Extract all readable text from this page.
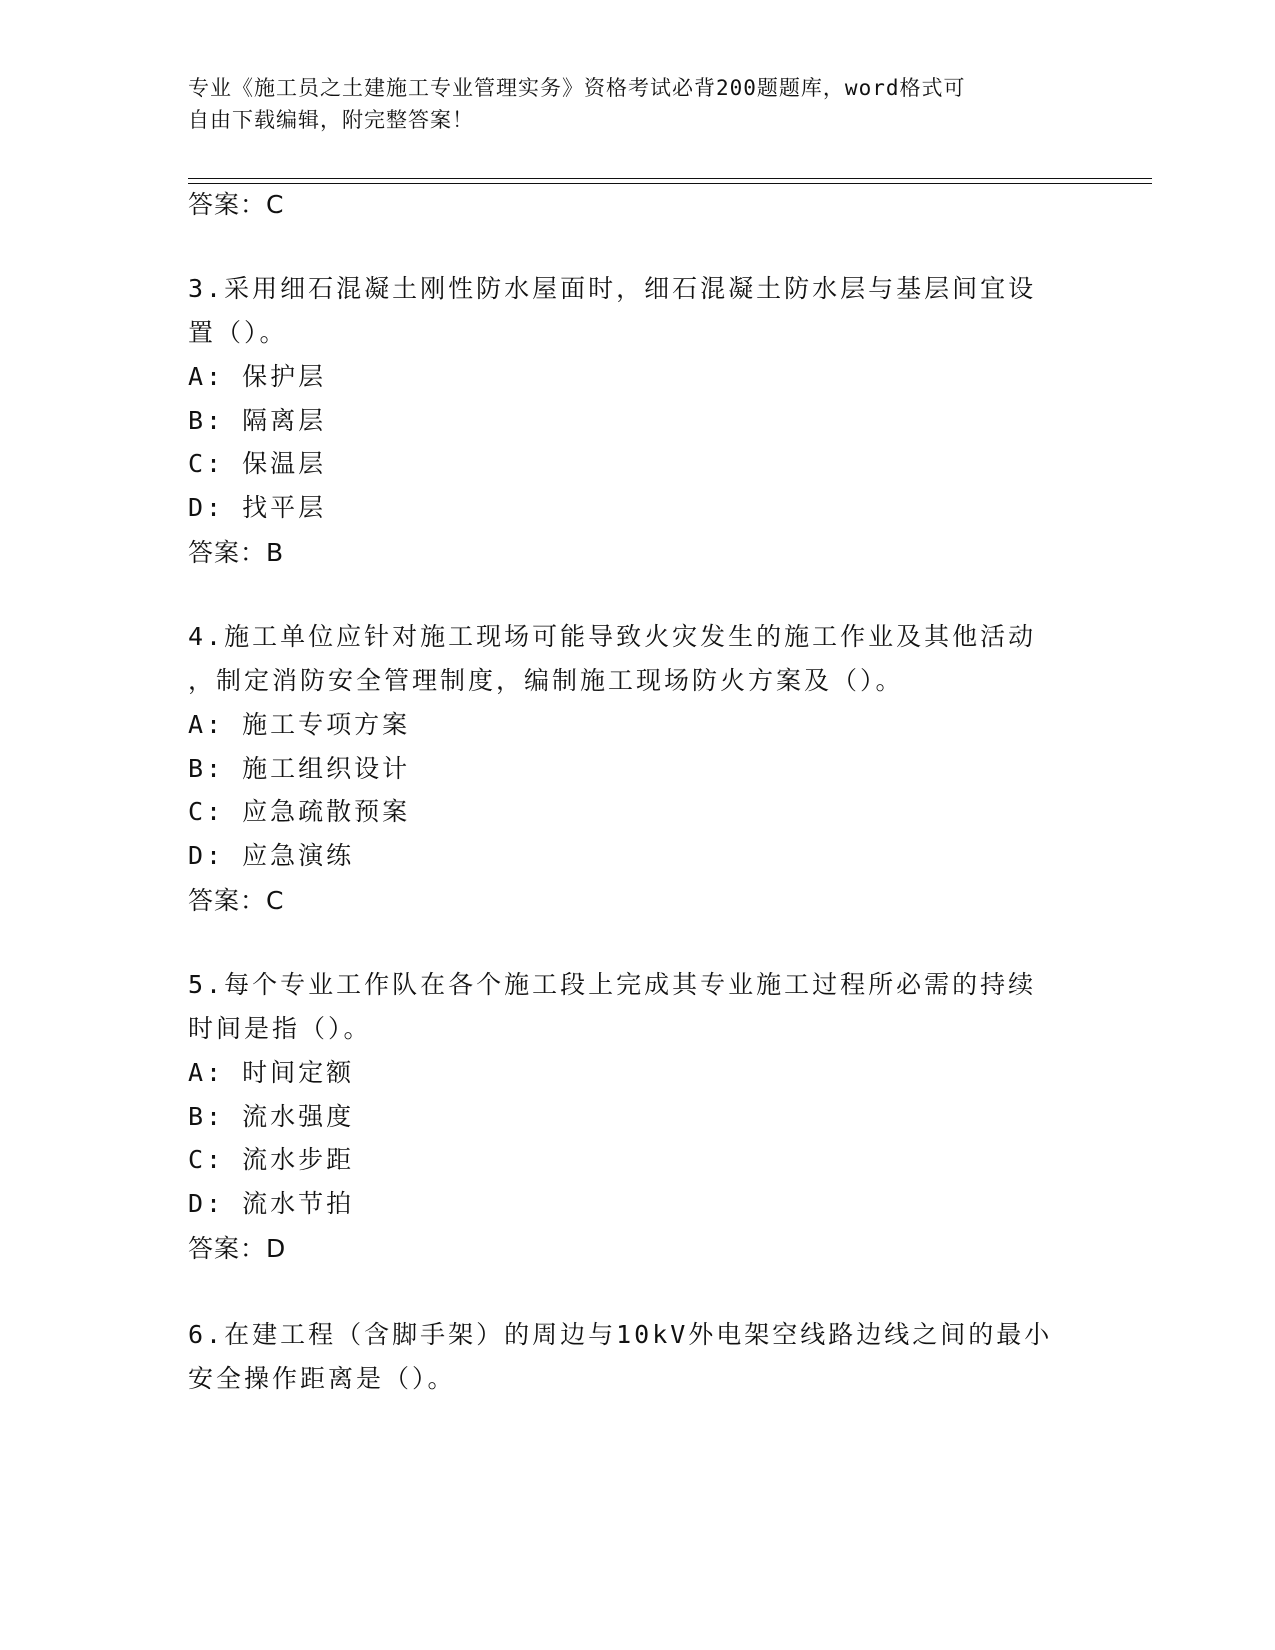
专业《施工员之土建施工专业管理实务》资格考试必背200题题库，word格式可
自由下载编辑，附完整答案！
答案：C
3.采用细石混凝土刚性防水屋面时，细石混凝土防水层与基层间宜设
置（）。
A: 保护层
B: 隔离层
C: 保温层
D: 找平层
答案：B
4.施工单位应针对施工现场可能导致火灾发生的施工作业及其他活动
，制定消防安全管理制度，编制施工现场防火方案及（）。
A: 施工专项方案
B: 施工组织设计
C: 应急疏散预案
D: 应急演练
答案：C
5.每个专业工作队在各个施工段上完成其专业施工过程所必需的持续
时间是指（）。
A: 时间定额
B: 流水强度
C: 流水步距
D: 流水节拍
答案：D
6.在建工程（含脚手架）的周边与10kV外电架空线路边线之间的最小
安全操作距离是（）。
